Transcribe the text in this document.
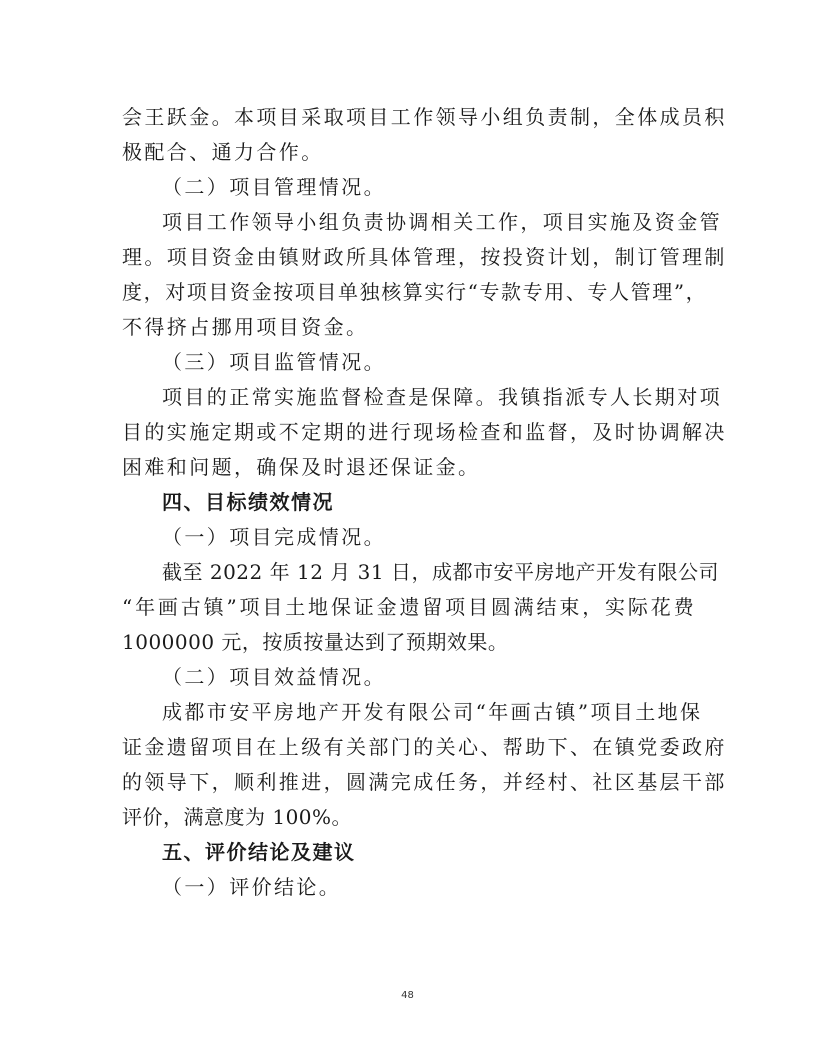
会王跃金。本项目采取项目工作领导小组负责制，全体成员积
极配合、通力合作。
（二）项目管理情况。
项目工作领导小组负责协调相关工作，项目实施及资金管
理。项目资金由镇财政所具体管理，按投资计划，制订管理制
度，对项目资金按项目单独核算实行“专款专用、专人管理”，
不得挤占挪用项目资金。
（三）项目监管情况。
项目的正常实施监督检查是保障。我镇指派专人长期对项
目的实施定期或不定期的进行现场检查和监督，及时协调解决
困难和问题，确保及时退还保证金。
四、目标绩效情况
（一）项目完成情况。
截至 2022 年 12 月 31 日，成都市安平房地产开发有限公司
“年画古镇”项目土地保证金遗留项目圆满结束，实际花费
1000000 元，按质按量达到了预期效果。
（二）项目效益情况。
成都市安平房地产开发有限公司“年画古镇”项目土地保
证金遗留项目在上级有关部门的关心、帮助下、在镇党委政府
的领导下，顺利推进，圆满完成任务，并经村、社区基层干部
评价，满意度为 100%。
五、评价结论及建议
（一）评价结论。
48
